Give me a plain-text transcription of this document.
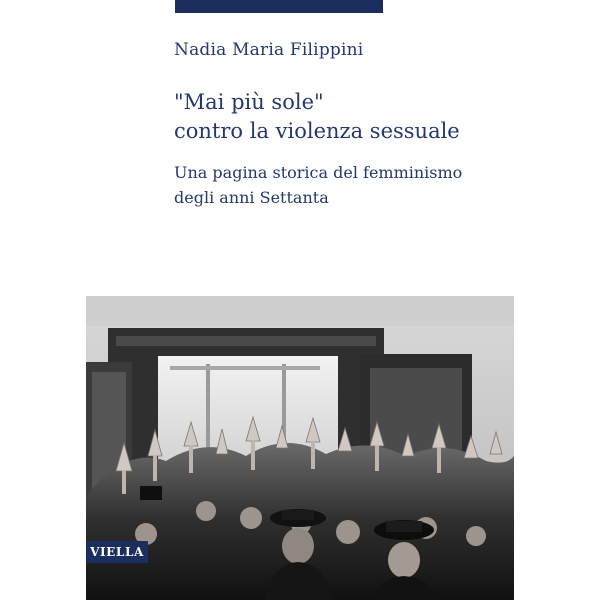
Nadia Maria Filippini
"Mai più sole"
contro la violenza sessuale
Una pagina storica del femminismo
degli anni Settanta
VIELLA
